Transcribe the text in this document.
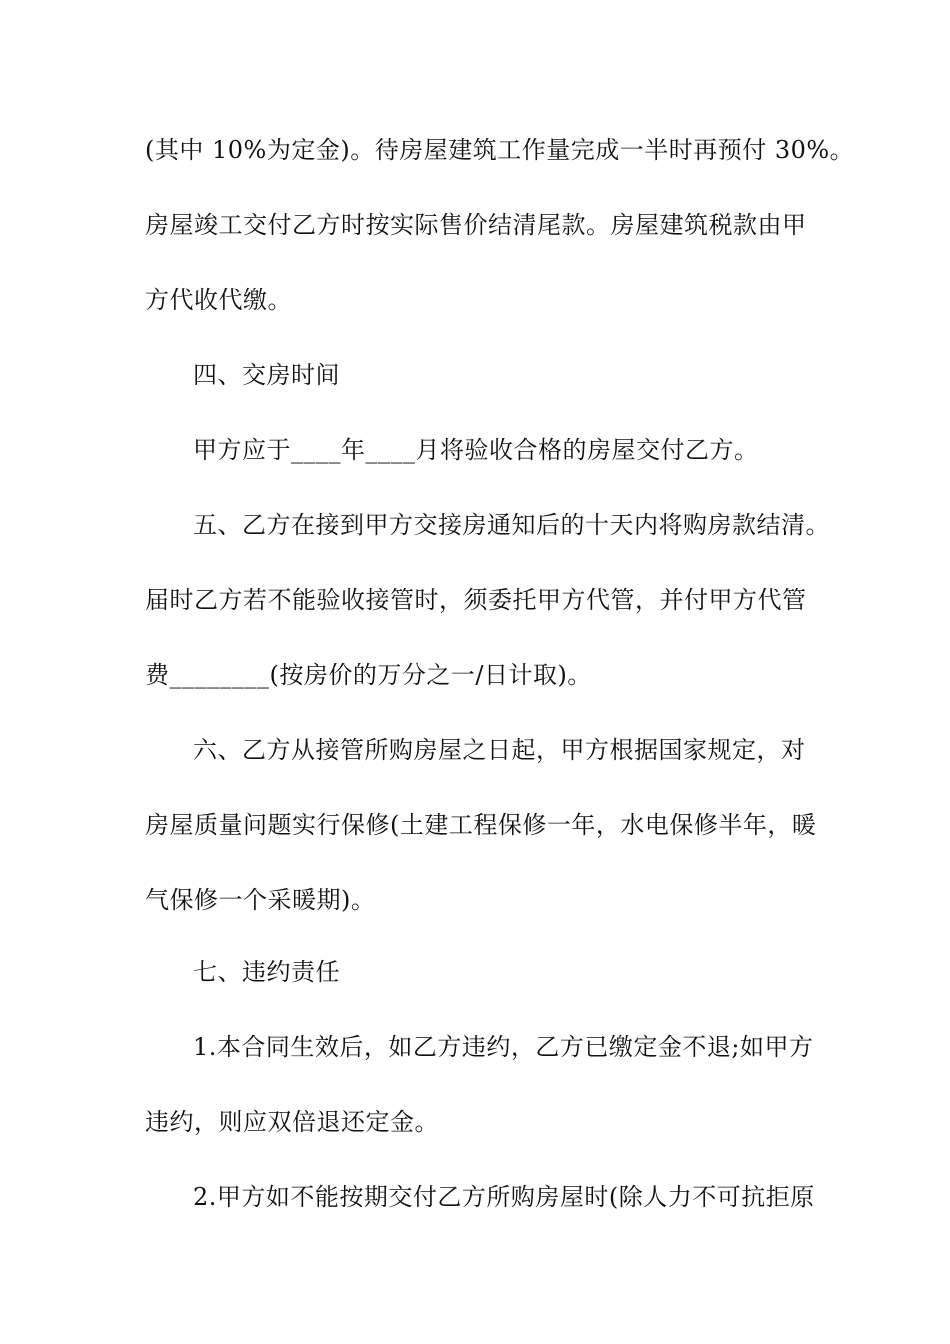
(其中 10%为定金)。待房屋建筑工作量完成一半时再预付 30%。
房屋竣工交付乙方时按实际售价结清尾款。房屋建筑税款由甲
方代收代缴。
四、交房时间
甲方应于____年____月将验收合格的房屋交付乙方。
五、乙方在接到甲方交接房通知后的十天内将购房款结清。
届时乙方若不能验收接管时，须委托甲方代管，并付甲方代管
费________(按房价的万分之一/日计取)。
六、乙方从接管所购房屋之日起，甲方根据国家规定，对
房屋质量问题实行保修(土建工程保修一年，水电保修半年，暖
气保修一个采暖期)。
七、违约责任
1.本合同生效后，如乙方违约，乙方已缴定金不退;如甲方
违约，则应双倍退还定金。
2.甲方如不能按期交付乙方所购房屋时(除人力不可抗拒原
